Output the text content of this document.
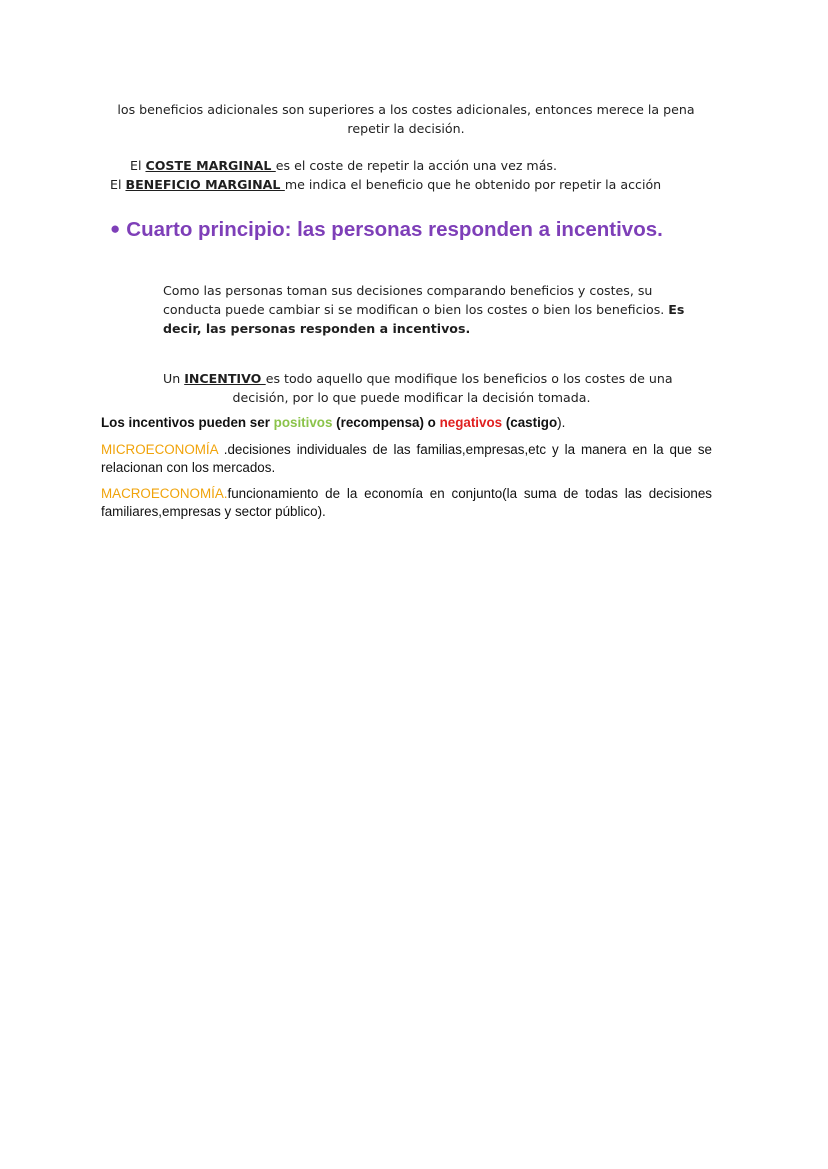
los beneficios adicionales son superiores a los costes adicionales, entonces merece la pena
repetir la decisión.
El COSTE MARGINAL es el coste de repetir la acción una vez más.
El BENEFICIO MARGINAL me indica el beneficio que he obtenido por repetir la acción
● Cuarto principio: las personas responden a incentivos.
Como las personas toman sus decisiones comparando beneficios y costes, su
conducta puede cambiar si se modifican o bien los costes o bien los beneficios. Es
decir, las personas responden a incentivos.
Un INCENTIVO es todo aquello que modifique los beneficios o los costes de una
decisión, por lo que puede modificar la decisión tomada.
Los incentivos pueden ser positivos (recompensa) o negativos (castigo).
MICROECONOMÍA .decisiones individuales de las familias,empresas,etc y la manera en la que se relacionan con los mercados.
MACROECONOMÍA.funcionamiento de la economía en conjunto(la suma de todas las decisiones familiares,empresas y sector público).
